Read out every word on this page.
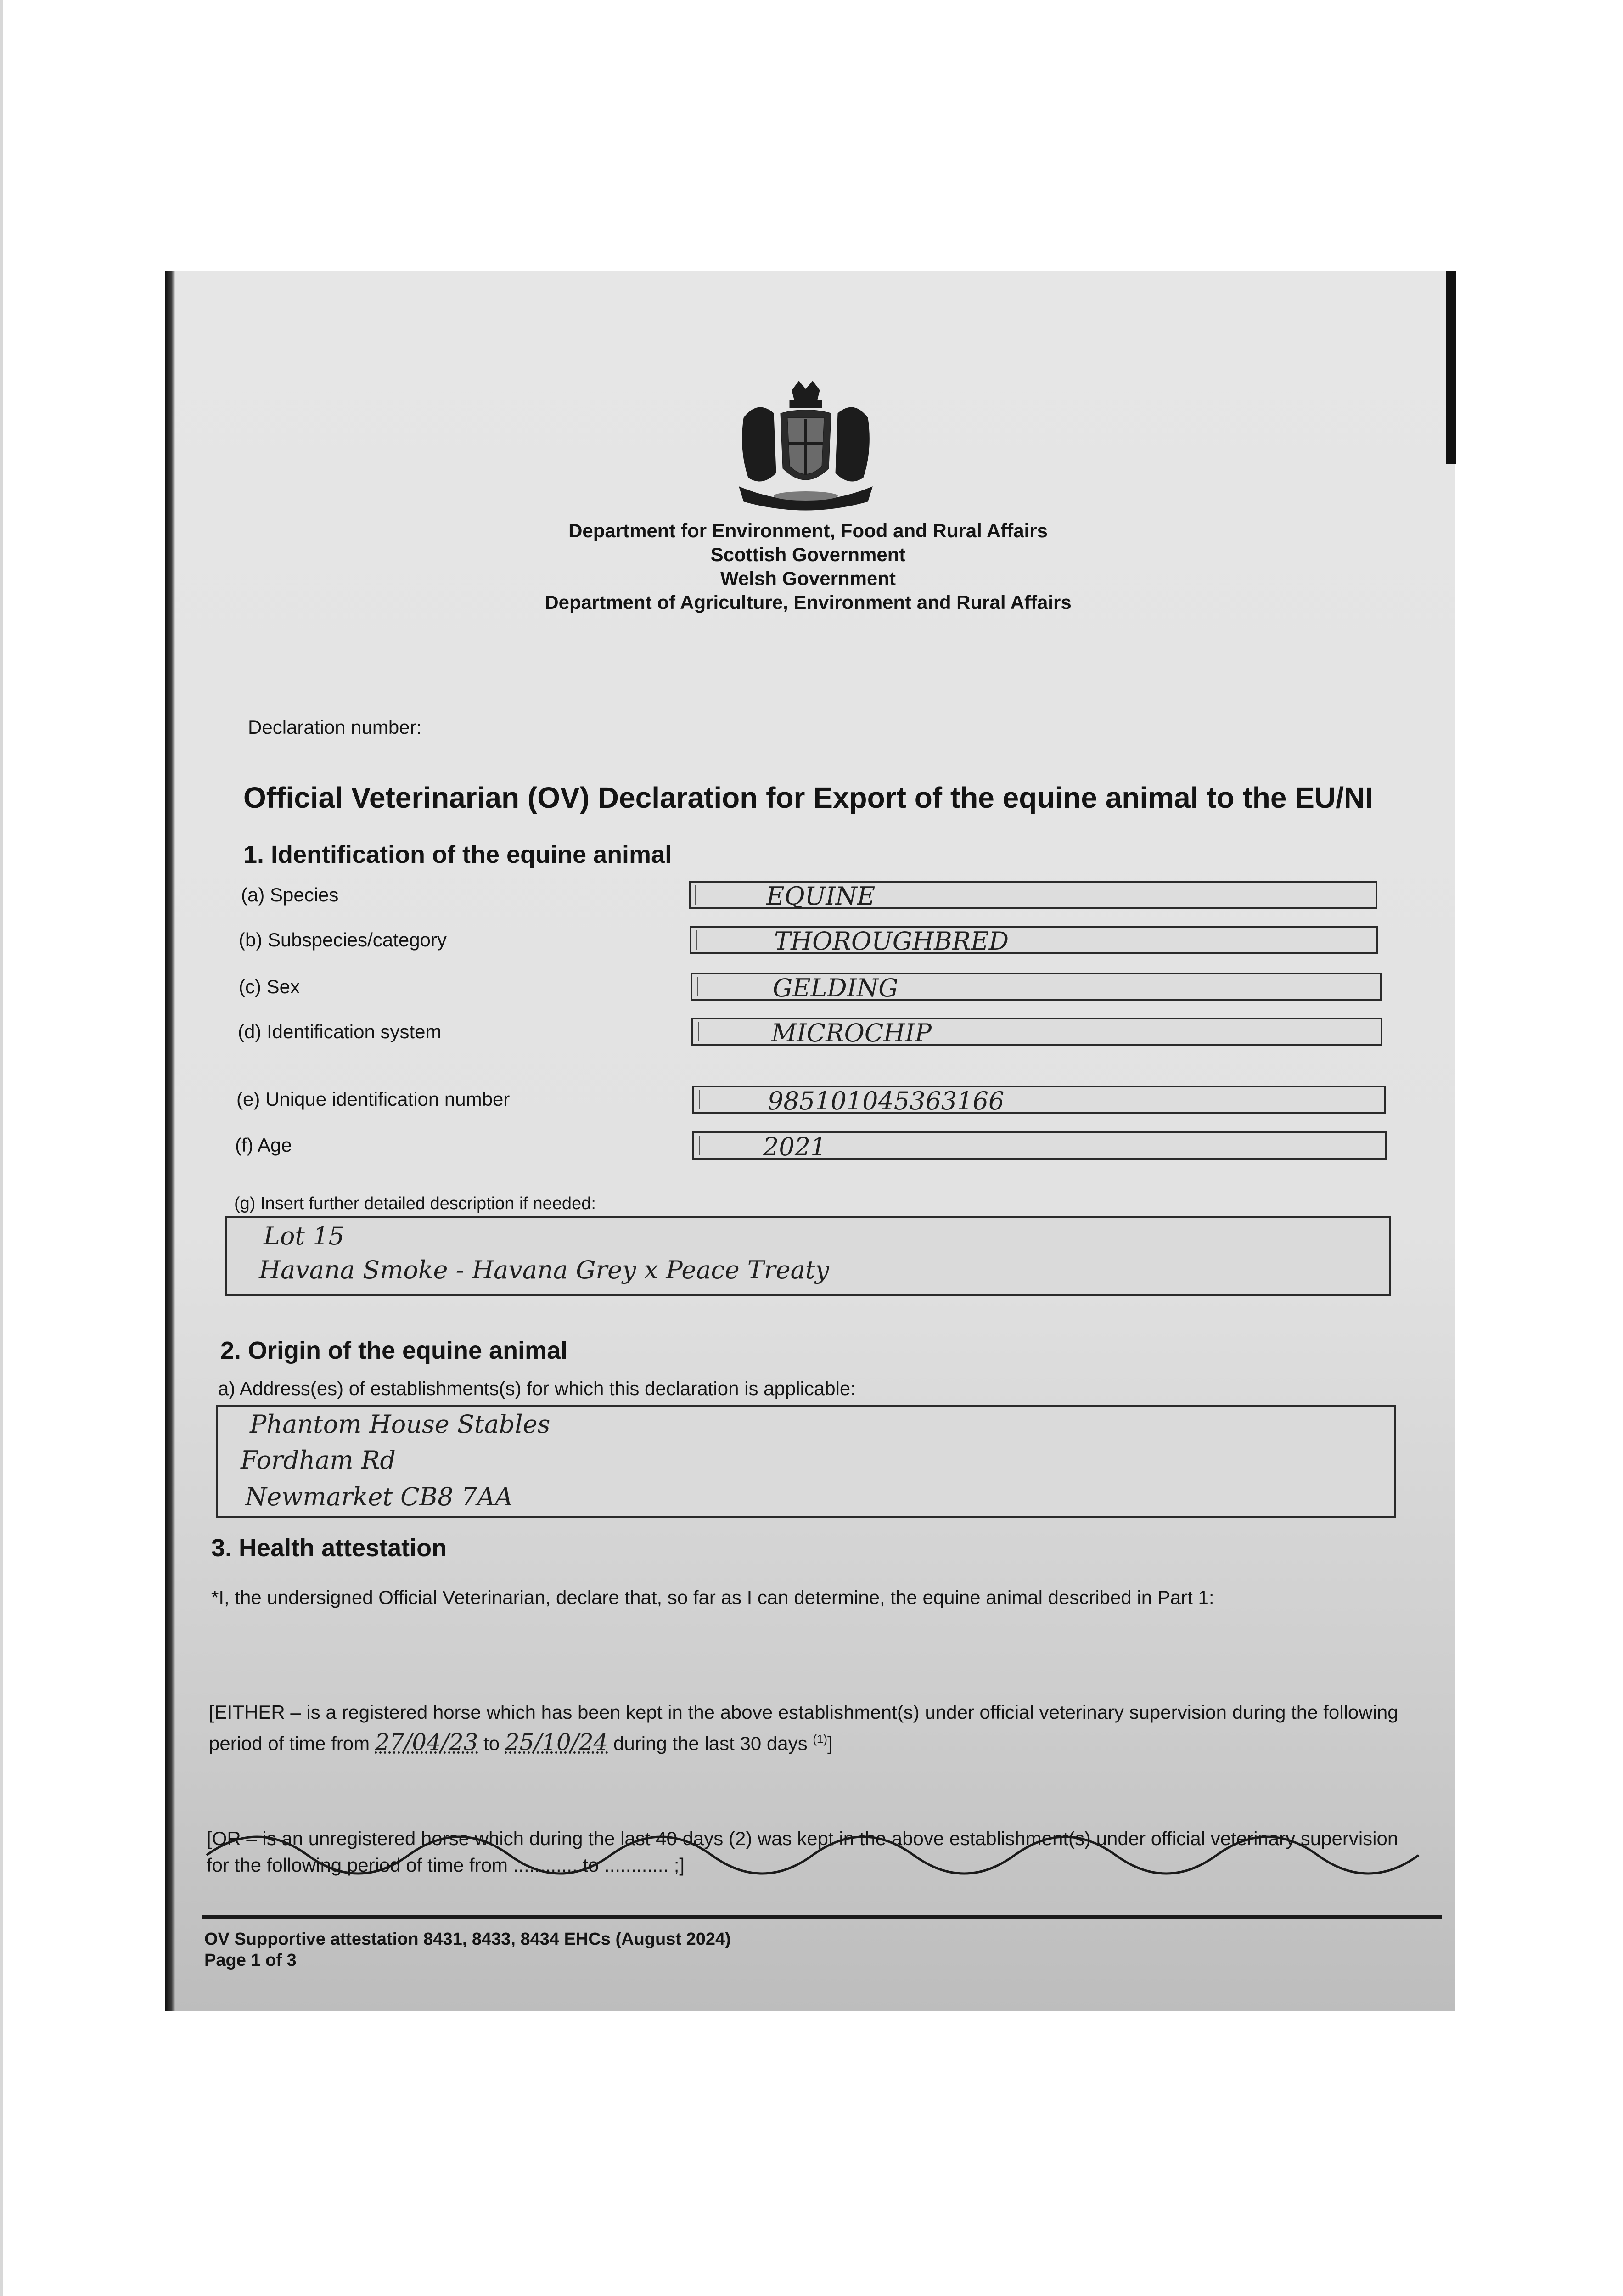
Department for Environment, Food and Rural Affairs
Scottish Government
Welsh Government
Department of Agriculture, Environment and Rural Affairs
Declaration number:
Official Veterinarian (OV) Declaration for Export of the equine animal to the EU/NI
1. Identification of the equine animal
(a) Species	EQUINE
(b) Subspecies/category	THOROUGHBRED
(c) Sex	GELDING
(d) Identification system	MICROCHIP
(e) Unique identification number	985101045363166
(f) Age	2021
(g) Insert further detailed description if needed:
Lot 15
Havana Smoke - Havana Grey x Peace Treaty
2. Origin of the equine animal
a) Address(es) of establishments(s) for which this declaration is applicable:
Phantom House Stables
Fordham Rd
Newmarket CB8 7AA
3. Health attestation
*I, the undersigned Official Veterinarian, declare that, so far as I can determine, the equine animal described in Part 1:
[EITHER – is a registered horse which has been kept in the above establishment(s) under official veterinary supervision during the following period of time from 27/04/23 to 25/10/24 during the last 30 days $^{(1)}$]
[OR – is an unregistered horse which during the last 40 days (2) was kept in the above establishment(s) under official veterinary supervision for the following period of time from ............ to ............ ;]
OV Supportive attestation 8431, 8433, 8434 EHCs (August 2024)
Page 1 of 3
